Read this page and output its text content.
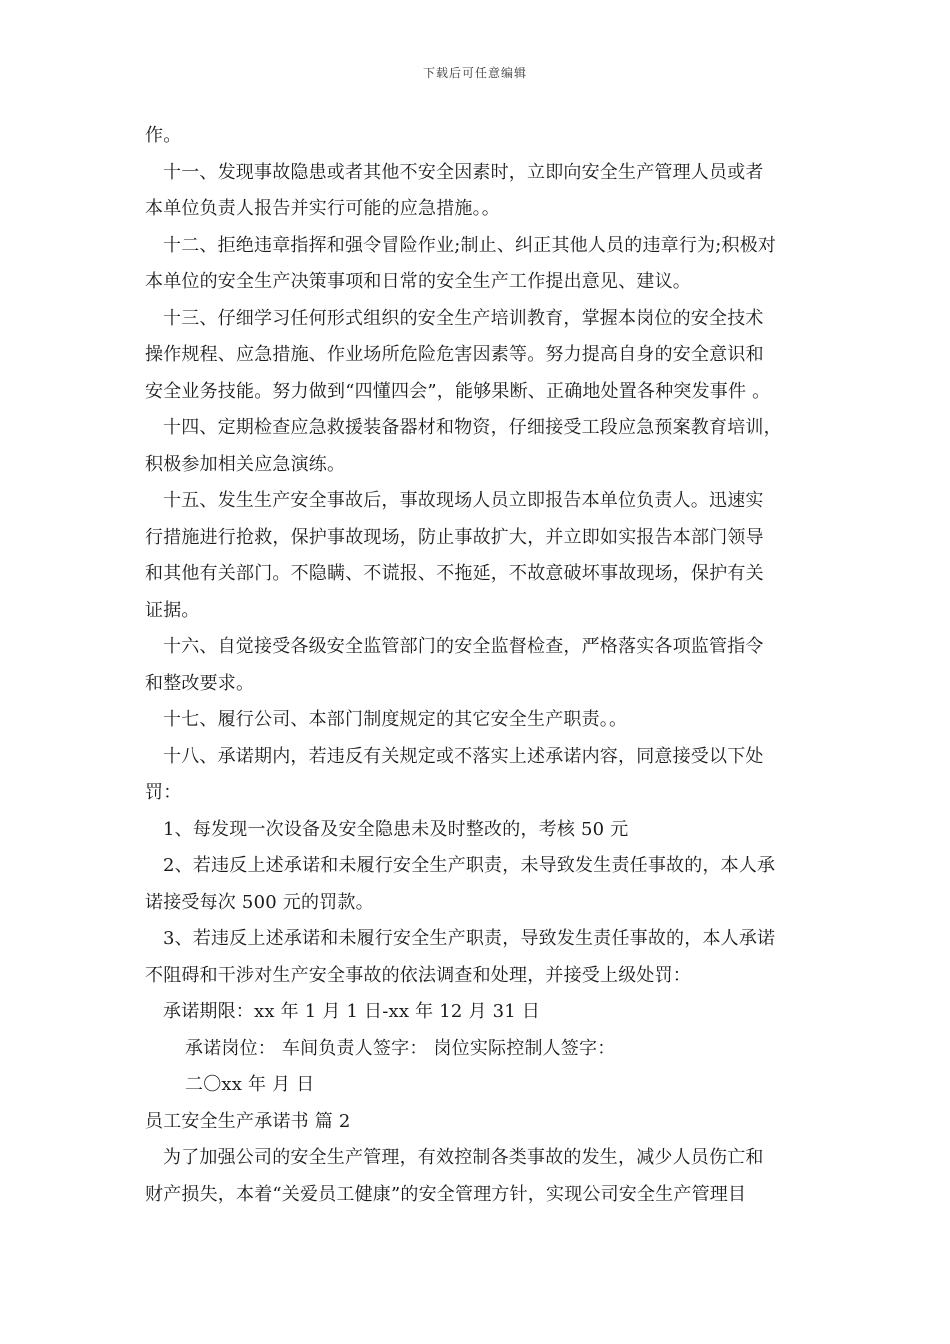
下载后可任意编辑
作。
十一、发现事故隐患或者其他不安全因素时，立即向安全生产管理人员或者
本单位负责人报告并实行可能的应急措施。。
十二、拒绝违章指挥和强令冒险作业;制止、纠正其他人员的违章行为;积极对
本单位的安全生产决策事项和日常的安全生产工作提出意见、建议。
十三、仔细学习任何形式组织的安全生产培训教育，掌握本岗位的安全技术
操作规程、应急措施、作业场所危险危害因素等。努力提高自身的安全意识和
安全业务技能。努力做到“四懂四会”，能够果断、正确地处置各种突发事件 。
十四、定期检查应急救援装备器材和物资，仔细接受工段应急预案教育培训，
积极参加相关应急演练。
十五、发生生产安全事故后，事故现场人员立即报告本单位负责人。迅速实
行措施进行抢救，保护事故现场，防止事故扩大，并立即如实报告本部门领导
和其他有关部门。不隐瞒、不谎报、不拖延，不故意破坏事故现场，保护有关
证据。
十六、自觉接受各级安全监管部门的安全监督检查，严格落实各项监管指令
和整改要求。
十七、履行公司、本部门制度规定的其它安全生产职责。。
十八、承诺期内，若违反有关规定或不落实上述承诺内容，同意接受以下处
罚：
1、每发现一次设备及安全隐患未及时整改的，考核 50 元
2、若违反上述承诺和未履行安全生产职责，未导致发生责任事故的，本人承
诺接受每次 500 元的罚款。
3、若违反上述承诺和未履行安全生产职责，导致发生责任事故的，本人承诺
不阻碍和干涉对生产安全事故的依法调查和处理，并接受上级处罚：
承诺期限：xx 年 1 月 1 日-xx 年 12 月 31 日
承诺岗位： 车间负责人签字： 岗位实际控制人签字：
二〇xx 年 月 日
员工安全生产承诺书 篇 2
为了加强公司的安全生产管理，有效控制各类事故的发生，减少人员伤亡和
财产损失，本着“关爱员工健康”的安全管理方针，实现公司安全生产管理目
